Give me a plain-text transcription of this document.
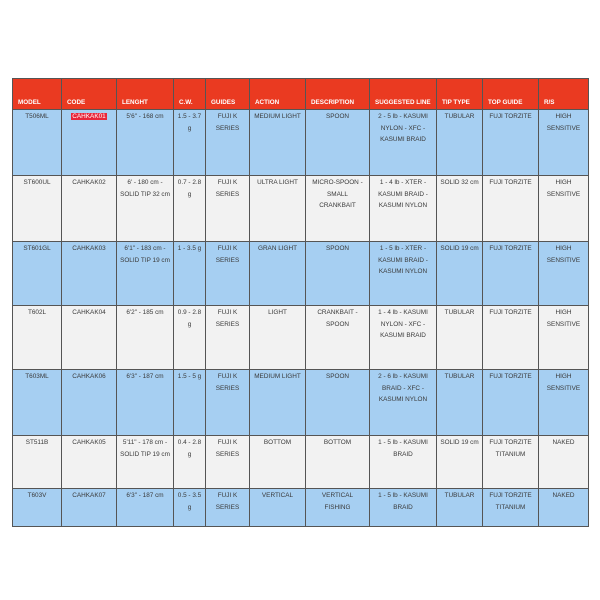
MODEL	CODE	LENGHT	C.W.	GUIDES	ACTION	DESCRIPTION	SUGGESTED LINE	TIP TYPE	TOP GUIDE	R/S
T506ML	CAHKAK01	5'6" - 168 cm	1.5 - 3.7 g	FUJI K SERIES	MEDIUM LIGHT	SPOON	2 - 5 lb - KASUMI NYLON - XFC - KASUMI BRAID	TUBULAR	FUJI TORZITE	HIGH SENSITIVE
ST600UL	CAHKAK02	6' - 180 cm - SOLID TIP 32 cm	0.7 - 2.8 g	FUJI K SERIES	ULTRA LIGHT	MICRO-SPOON - SMALL CRANKBAIT	1 - 4 lb - XTER - KASUMI BRAID - KASUMI NYLON	SOLID 32 cm	FUJI TORZITE	HIGH SENSITIVE
ST601GL	CAHKAK03	6'1" - 183 cm - SOLID TIP 19 cm	1 - 3.5 g	FUJI K SERIES	GRAN LIGHT	SPOON	1 - 5 lb - XTER - KASUMI BRAID - KASUMI NYLON	SOLID 19 cm	FUJI TORZITE	HIGH SENSITIVE
T602L	CAHKAK04	6'2" - 185 cm	0.9 - 2.8 g	FUJI K SERIES	LIGHT	CRANKBAIT - SPOON	1 - 4 lb - KASUMI NYLON - XFC - KASUMI BRAID	TUBULAR	FUJI TORZITE	HIGH SENSITIVE
T603ML	CAHKAK06	6'3" - 187 cm	1.5 - 5 g	FUJI K SERIES	MEDIUM LIGHT	SPOON	2 - 6 lb - KASUMI BRAID - XFC - KASUMI NYLON	TUBULAR	FUJI TORZITE	HIGH SENSITIVE
ST511B	CAHKAK05	5'11" - 178 cm - SOLID TIP 19 cm	0.4 - 2.8 g	FUJI K SERIES	BOTTOM	BOTTOM	1 - 5 lb - KASUMI BRAID	SOLID 19 cm	FUJI TORZITE TITANIUM	NAKED
T603V	CAHKAK07	6'3" - 187 cm	0.5 - 3.5 g	FUJI K SERIES	VERTICAL	VERTICAL FISHING	1 - 5 lb - KASUMI BRAID	TUBULAR	FUJI TORZITE TITANIUM	NAKED
